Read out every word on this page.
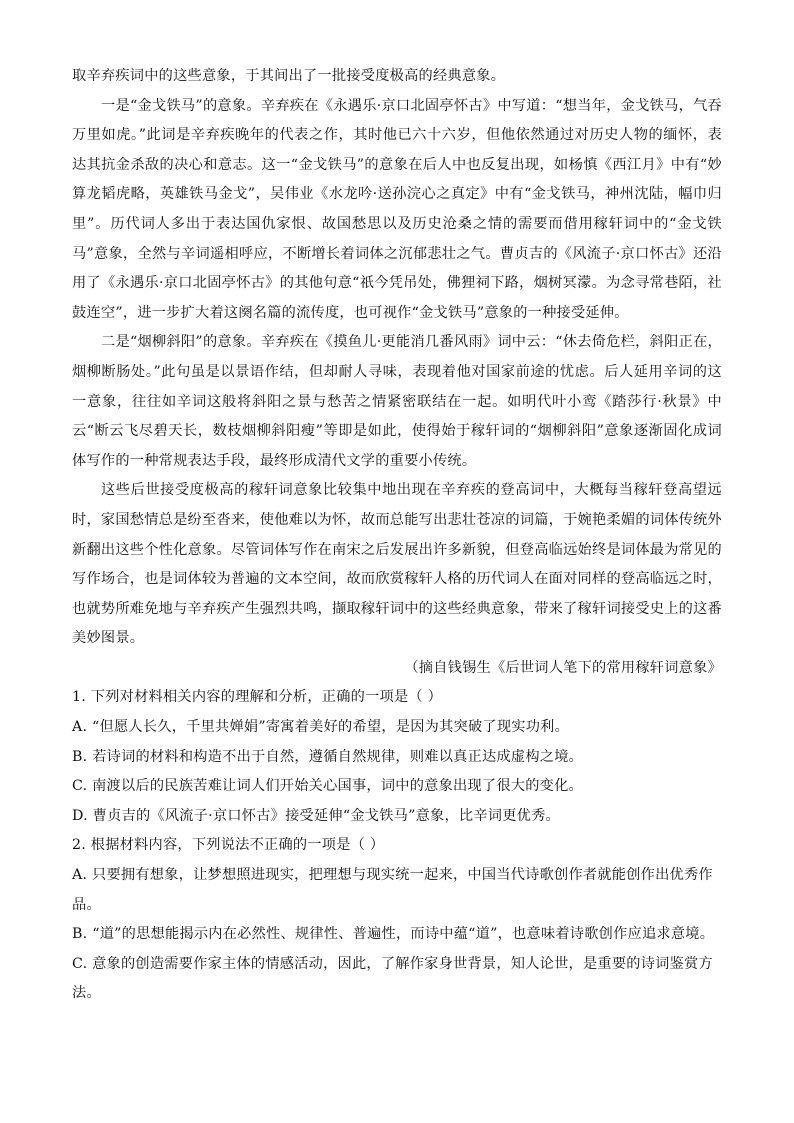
取辛弃疾词中的这些意象，于其间出了一批接受度极高的经典意象。

一是“金戈铁马”的意象。辛弃疾在《永遇乐·京口北固亭怀古》中写道：“想当年，金戈铁马，气吞万里如虎。”此词是辛弃疾晚年的代表之作，其时他已六十六岁，但他依然通过对历史人物的缅怀，表达其抗金杀敌的决心和意志。这一“金戈铁马”的意象在后人中也反复出现，如杨慎《西江月》中有“妙算龙韬虎略，英雄铁马金戈”，吴伟业《水龙吟·送孙浣心之真定》中有“金戈铁马，神州沈陆，幅巾归里”。历代词人多出于表达国仇家恨、故国愁思以及历史沧桑之情的需要而借用稼轩词中的“金戈铁马”意象，全然与辛词遥相呼应，不断增长着词体之沉郁悲壮之气。曹贞吉的《风流子·京口怀古》还沿用了《永遇乐·京口北固亭怀古》的其他句意“祇今凭吊处，佛狸祠下路，烟树冥濛。为念寻常巷陌，社鼓连空”，进一步扩大着这阕名篇的流传度，也可视作“金戈铁马”意象的一种接受延伸。

二是“烟柳斜阳”的意象。辛弃疾在《摸鱼儿·更能消几番风雨》词中云：“休去倚危栏，斜阳正在，烟柳断肠处。”此句虽是以景语作结，但却耐人寻味，表现着他对国家前途的忧虑。后人延用辛词的这一意象，往往如辛词这般将斜阳之景与愁苦之情紧密联结在一起。如明代叶小鸾《踏莎行·秋景》中云“断云飞尽碧天长，数枝烟柳斜阳瘦”等即是如此，使得始于稼轩词的“烟柳斜阳”意象逐渐固化成词体写作的一种常规表达手段，最终形成清代文学的重要小传统。

这些后世接受度极高的稼轩词意象比较集中地出现在辛弃疾的登高词中，大概每当稼轩登高望远时，家国愁情总是纷至沓来，使他难以为怀，故而总能写出悲壮苍凉的词篇，于婉艳柔媚的词体传统外新翻出这些个性化意象。尽管词体写作在南宋之后发展出许多新貌，但登高临远始终是词体最为常见的写作场合，也是词体较为普遍的文本空间，故而欣赏稼轩人格的历代词人在面对同样的登高临远之时，也就势所难免地与辛弃疾产生强烈共鸣，撷取稼轩词中的这些经典意象，带来了稼轩词接受史上的这番美妙图景。

（摘自钱锡生《后世词人笔下的常用稼轩词意象》

1. 下列对材料相关内容的理解和分析，正确的一项是（ ）

A. “但愿人长久，千里共婵娟”寄寓着美好的希望，是因为其突破了现实功利。

B. 若诗词的材料和构造不出于自然，遵循自然规律，则难以真正达成虚构之境。

C. 南渡以后的民族苦难让词人们开始关心国事，词中的意象出现了很大的变化。

D. 曹贞吉的《风流子·京口怀古》接受延伸“金戈铁马”意象，比辛词更优秀。

2. 根据材料内容，下列说法不正确的一项是（ ）

A. 只要拥有想象，让梦想照进现实，把理想与现实统一起来，中国当代诗歌创作者就能创作出优秀作品。

B. “道”的思想能揭示内在必然性、规律性、普遍性，而诗中蕴“道”，也意味着诗歌创作应追求意境。

C. 意象的创造需要作家主体的情感活动，因此，了解作家身世背景，知人论世，是重要的诗词鉴赏方法。
